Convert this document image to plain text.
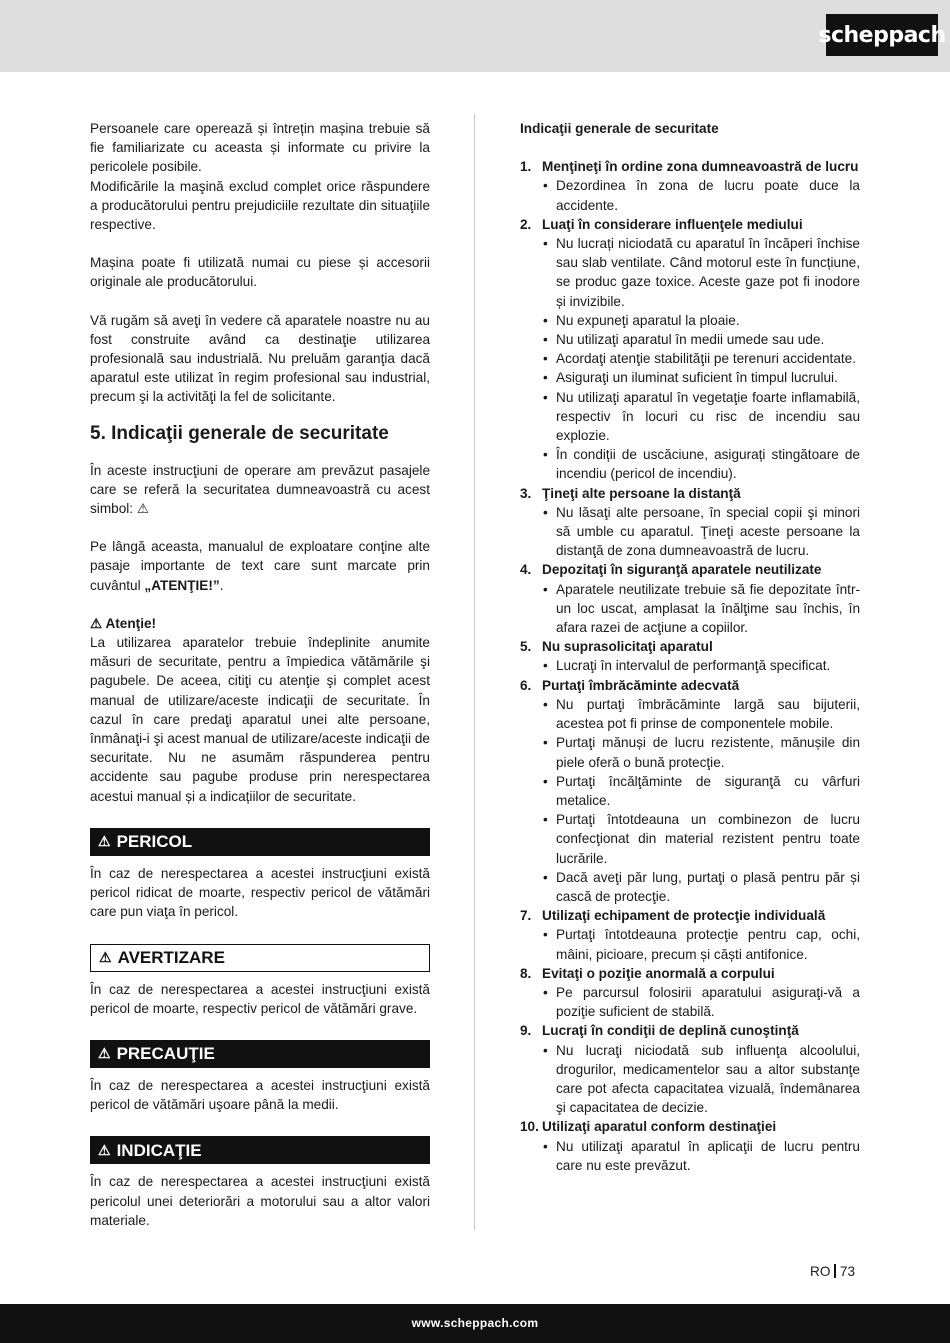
scheppach

Persoanele care operează și întrețin mașina trebuie să fie familiarizate cu aceasta și informate cu privire la pericolele posibile.

Modificările la maşină exclud complet orice răspundere a producătorului pentru prejudiciile rezultate din situaţiile respective.

Mașina poate fi utilizată numai cu piese și accesorii originale ale producătorului.

Vă rugăm să aveţi în vedere că aparatele noastre nu au fost construite având ca destinaţie utilizarea profesională sau industrială. Nu preluăm garanţia dacă aparatul este utilizat în regim profesional sau industrial, precum şi la activităţi la fel de solicitante.

5. Indicaţii generale de securitate

În aceste instrucţiuni de operare am prevăzut pasajele care se referă la securitatea dumneavoastră cu acest simbol: ⚠

Pe lângă aceasta, manualul de exploatare conţine alte pasaje importante de text care sunt marcate prin cuvântul „ATENŢIE!”.

⚠ Atenţie!

La utilizarea aparatelor trebuie îndeplinite anumite măsuri de securitate, pentru a împiedica vătămările şi pagubele. De aceea, citiţi cu atenţie şi complet acest manual de utilizare/aceste indicaţii de securitate. În cazul în care predaţi aparatul unei alte persoane, înmânaţi-i şi acest manual de utilizare/aceste indicaţii de securitate. Nu ne asumăm răspunderea pentru accidente sau pagube produse prin nerespectarea acestui manual și a indicațiilor de securitate.

⚠ PERICOL

În caz de nerespectarea a acestei instrucţiuni există pericol ridicat de moarte, respectiv pericol de vătămări care pun viaţa în pericol.

⚠ AVERTIZARE

În caz de nerespectarea a acestei instrucţiuni există pericol de moarte, respectiv pericol de vătămări grave.

⚠ PRECAUŢIE

În caz de nerespectarea a acestei instrucţiuni există pericol de vătămări uşoare până la medii.

⚠ INDICAŢIE

În caz de nerespectarea a acestei instrucţiuni există pericolul unei deteriorări a motorului sau a altor valori materiale.

Indicaţii generale de securitate

1. Menţineţi în ordine zona dumneavoastră de lucru
• Dezordinea în zona de lucru poate duce la accidente.
2. Luaţi în considerare influenţele mediului
• Nu lucrați niciodată cu aparatul în încăperi închise sau slab ventilate. Când motorul este în funcțiune, se produc gaze toxice. Aceste gaze pot fi inodore și invizibile.
• Nu expuneţi aparatul la ploaie.
• Nu utilizaţi aparatul în medii umede sau ude.
• Acordaţi atenţie stabilităţii pe terenuri accidentate.
• Asiguraţi un iluminat suficient în timpul lucrului.
• Nu utilizaţi aparatul în vegetaţie foarte inflamabilă, respectiv în locuri cu risc de incendiu sau explozie.
• În condiții de uscăciune, asigurați stingătoare de incendiu (pericol de incendiu).
3. Ţineţi alte persoane la distanţă
• Nu lăsaţi alte persoane, în special copii şi minori să umble cu aparatul. Ţineţi aceste persoane la distanţă de zona dumneavoastră de lucru.
4. Depozitaţi în siguranţă aparatele neutilizate
• Aparatele neutilizate trebuie să fie depozitate într-un loc uscat, amplasat la înălţime sau închis, în afara razei de acţiune a copiilor.
5. Nu suprasolicitaţi aparatul
• Lucraţi în intervalul de performanţă specificat.
6. Purtaţi îmbrăcăminte adecvată
• Nu purtaţi îmbrăcăminte largă sau bijuterii, acestea pot fi prinse de componentele mobile.
• Purtaţi mănuși de lucru rezistente, mănușile din piele oferă o bună protecţie.
• Purtaţi încălţăminte de siguranţă cu vârfuri metalice.
• Purtaţi întotdeauna un combinezon de lucru confecţionat din material rezistent pentru toate lucrările.
• Dacă aveţi păr lung, purtaţi o plasă pentru păr și cască de protecţie.
7. Utilizaţi echipament de protecţie individuală
• Purtaţi întotdeauna protecţie pentru cap, ochi, mâini, picioare, precum și căști antifonice.
8. Evitaţi o poziţie anormală a corpului
• Pe parcursul folosirii aparatului asiguraţi-vă a poziţie suficient de stabilă.
9. Lucraţi în condiţii de deplină cunoştinţă
• Nu lucraţi niciodată sub influenţa alcoolului, drogurilor, medicamentelor sau a altor substanţe care pot afecta capacitatea vizuală, îndemânarea şi capacitatea de decizie.
10. Utilizaţi aparatul conform destinaţiei
• Nu utilizaţi aparatul în aplicaţii de lucru pentru care nu este prevăzut.
RO 73
www.scheppach.com
